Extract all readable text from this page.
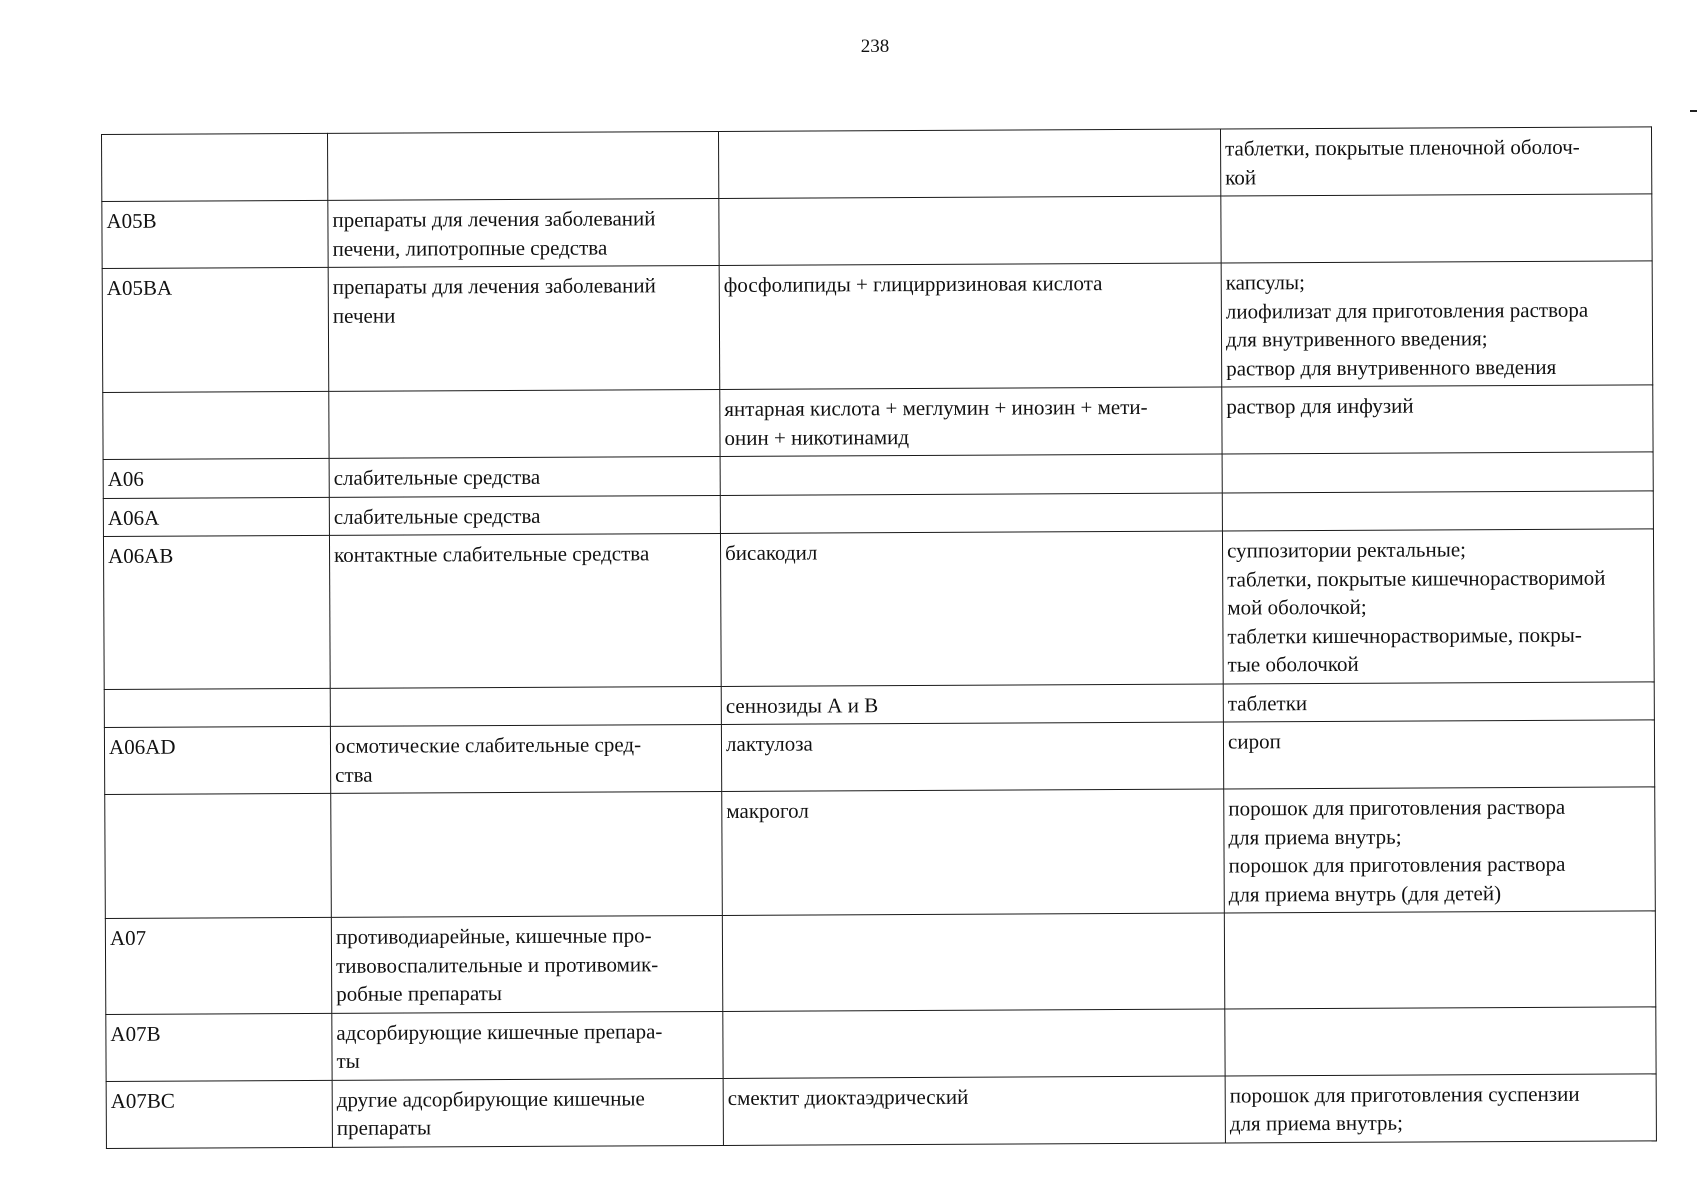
238

			таблетки, покрытые пленочной оболоч-
кой

A05B	препараты для лечения заболеваний
печени, липотропные средства		

A05BA	препараты для лечения заболеваний
печени	фосфолипиды + глицирризиновая кислота	капсулы;
лиофилизат для приготовления раствора
для внутривенного введения;
раствор для внутривенного введения

		янтарная кислота + меглумин + инозин + мети-
онин + никотинамид	раствор для инфузий

A06	слабительные средства		

A06A	слабительные средства		

A06AB	контактные слабительные средства	бисакодил	суппозитории ректальные;
таблетки, покрытые кишечнорастворимой
мой оболочкой;
таблетки кишечнорастворимые, покры-
тые оболочкой

		сеннозиды А и В	таблетки

A06AD	осмотические слабительные сред-
ства	лактулоза	сироп

		макрогол	порошок для приготовления раствора
для приема внутрь;
порошок для приготовления раствора
для приема внутрь (для детей)

A07	противодиарейные, кишечные про-
тивовоспалительные и противомик-
робные препараты		

A07B	адсорбирующие кишечные препара-
ты		

A07BC	другие адсорбирующие кишечные
препараты	смектит диоктаэдрический	порошок для приготовления суспензии
для приема внутрь;
